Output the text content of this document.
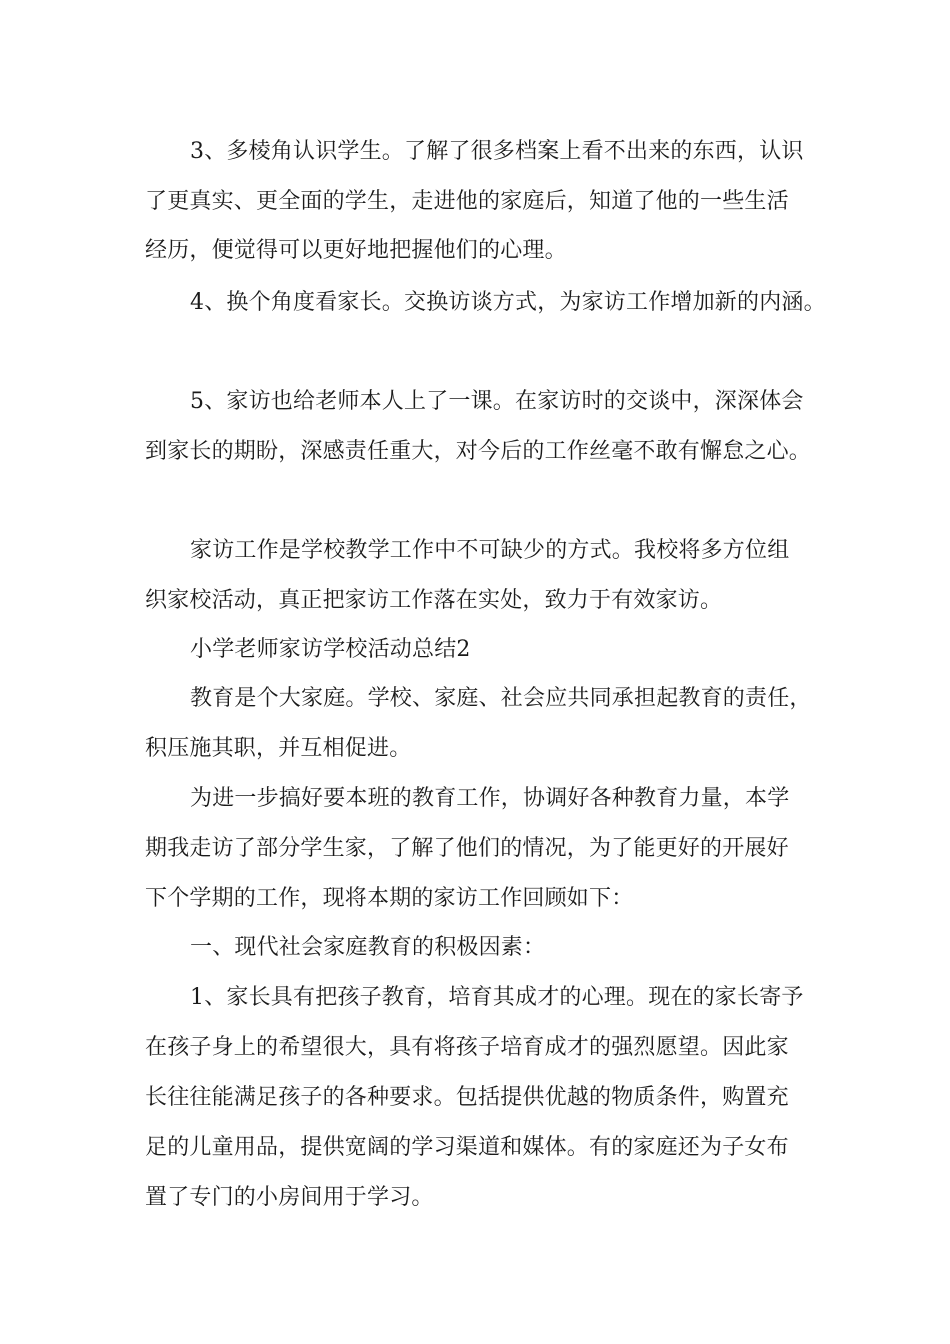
3、多棱角认识学生。了解了很多档案上看不出来的东西，认识
了更真实、更全面的学生，走进他的家庭后，知道了他的一些生活
经历，便觉得可以更好地把握他们的心理。
4、换个角度看家长。交换访谈方式，为家访工作增加新的内涵。
5、家访也给老师本人上了一课。在家访时的交谈中，深深体会
到家长的期盼，深感责任重大，对今后的工作丝毫不敢有懈怠之心。
家访工作是学校教学工作中不可缺少的方式。我校将多方位组
织家校活动，真正把家访工作落在实处，致力于有效家访。
小学老师家访学校活动总结2
教育是个大家庭。学校、家庭、社会应共同承担起教育的责任，
积压施其职，并互相促进。
为进一步搞好要本班的教育工作，协调好各种教育力量，本学
期我走访了部分学生家，了解了他们的情况，为了能更好的开展好
下个学期的工作，现将本期的家访工作回顾如下：
一、现代社会家庭教育的积极因素：
1、家长具有把孩子教育，培育其成才的心理。现在的家长寄予
在孩子身上的希望很大，具有将孩子培育成才的强烈愿望。因此家
长往往能满足孩子的各种要求。包括提供优越的物质条件，购置充
足的儿童用品，提供宽阔的学习渠道和媒体。有的家庭还为子女布
置了专门的小房间用于学习。
